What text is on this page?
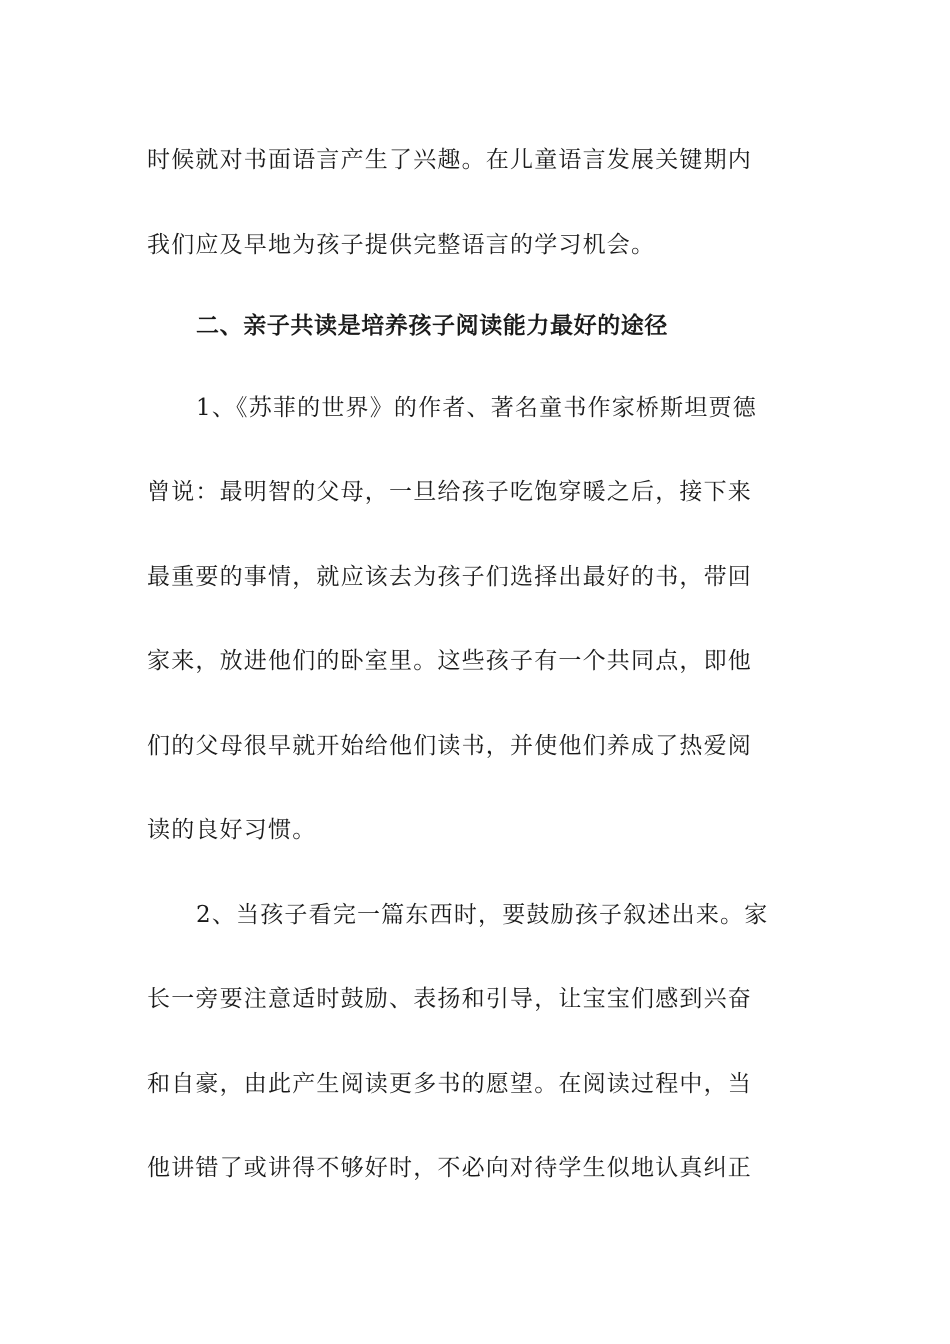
时候就对书面语言产生了兴趣。在儿童语言发展关键期内
我们应及早地为孩子提供完整语言的学习机会。
二、亲子共读是培养孩子阅读能力最好的途径
1、《苏菲的世界》的作者、著名童书作家桥斯坦贾德
曾说：最明智的父母，一旦给孩子吃饱穿暖之后，接下来
最重要的事情，就应该去为孩子们选择出最好的书，带回
家来，放进他们的卧室里。这些孩子有一个共同点，即他
们的父母很早就开始给他们读书，并使他们养成了热爱阅
读的良好习惯。
2、当孩子看完一篇东西时，要鼓励孩子叙述出来。家
长一旁要注意适时鼓励、表扬和引导，让宝宝们感到兴奋
和自豪，由此产生阅读更多书的愿望。在阅读过程中，当
他讲错了或讲得不够好时，不必向对待学生似地认真纠正
